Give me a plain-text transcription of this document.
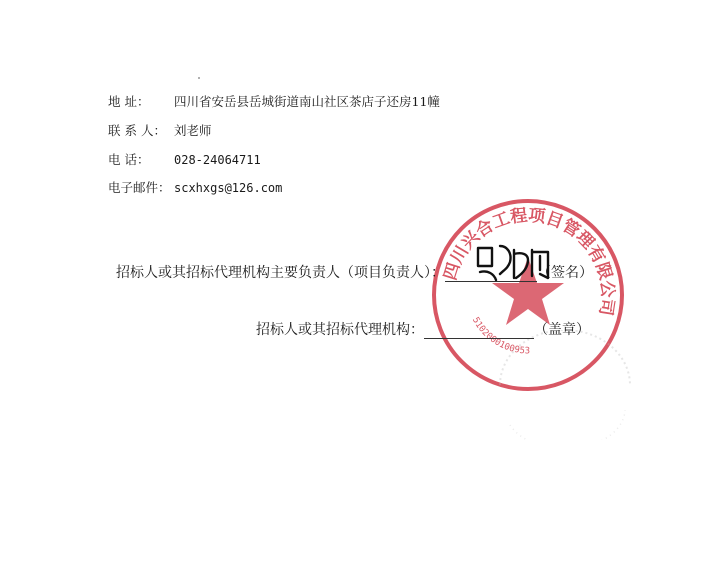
地 址： 四川省安岳县岳城街道南山社区茶店子还房11幢
联 系 人： 刘老师
电 话： 028-24064711
电子邮件： scxhxgs@126.com
四川兴合工程项目管理有限公司
5102000100953
招标人或其招标代理机构主要负责人（项目负责人）：	（签名）
招标人或其招标代理机构：	（盖章）
